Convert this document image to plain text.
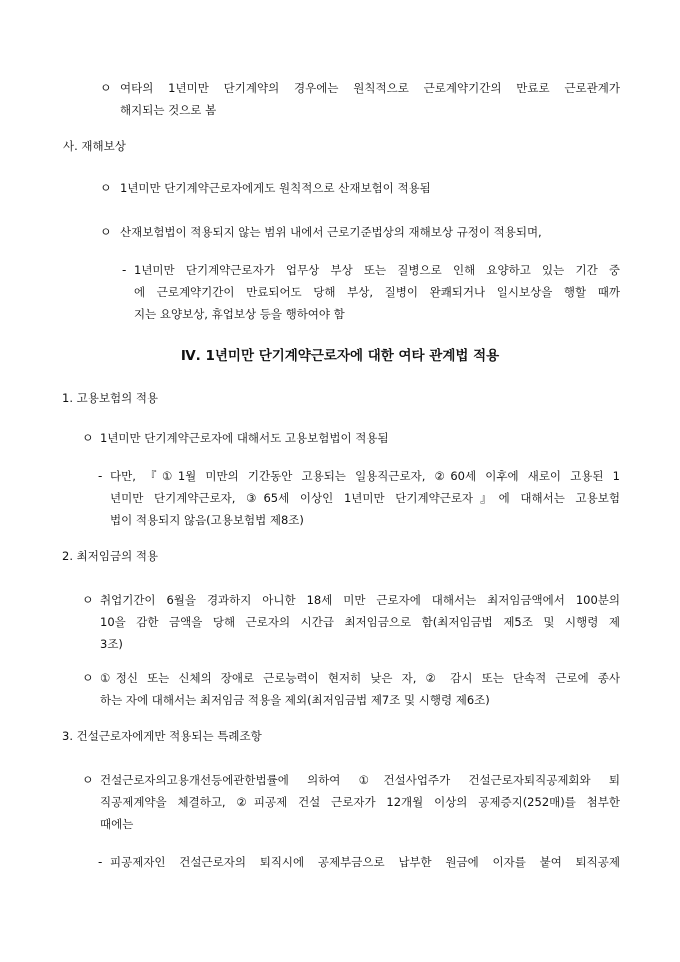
ㅇ 여타의 1년미만 단기계약의 경우에는 원칙적으로 근로계약기간의 만료로 근로관계가
해지되는 것으로 봄
사. 재해보상
ㅇ 1년미만 단기계약근로자에게도 원칙적으로 산재보험이 적용됨
ㅇ 산재보험법이 적용되지 않는 범위 내에서 근로기준법상의 재해보상 규정이 적용되며,
- 1년미만 단기계약근로자가 업무상 부상 또는 질병으로 인해 요양하고 있는 기간 중
에 근로계약기간이 만료되어도 당해 부상, 질병이 완쾌되거나 일시보상을 행할 때까
지는 요양보상, 휴업보상 등을 행하여야 함
Ⅳ. 1년미만 단기계약근로자에 대한 여타 관계법 적용
1. 고용보험의 적용
ㅇ 1년미만 단기계약근로자에 대해서도 고용보험법이 적용됨
- 다만, 『①1월 미만의 기간동안 고용되는 일용직근로자, ②60세 이후에 새로이 고용된 1
년미만 단기계약근로자, ③65세 이상인 1년미만 단기계약근로자』에 대해서는 고용보험
법이 적용되지 않음(고용보험법 제8조)
2. 최저임금의 적용
ㅇ 취업기간이 6월을 경과하지 아니한 18세 미만 근로자에 대해서는 최저임금액에서 100분의
10을 감한 금액을 당해 근로자의 시간급 최저임금으로 함(최저임금법 제5조 및 시행령 제
3조)
ㅇ ①정신 또는 신체의 장애로 근로능력이 현저히 낮은 자, ② 감시 또는 단속적 근로에 종사
하는 자에 대해서는 최저임금 적용을 제외(최저임금법 제7조 및 시행령 제6조)
3. 건설근로자에게만 적용되는 특례조항
ㅇ 건설근로자의고용개선등에관한법률에 의하여 ①건설사업주가 건설근로자퇴직공제회와 퇴
직공제계약을 체결하고, ②피공제 건설 근로자가 12개월 이상의 공제증지(252매)를 첨부한
때에는
- 피공제자인 건설근로자의 퇴직시에 공제부금으로 납부한 원금에 이자를 붙여 퇴직공제
